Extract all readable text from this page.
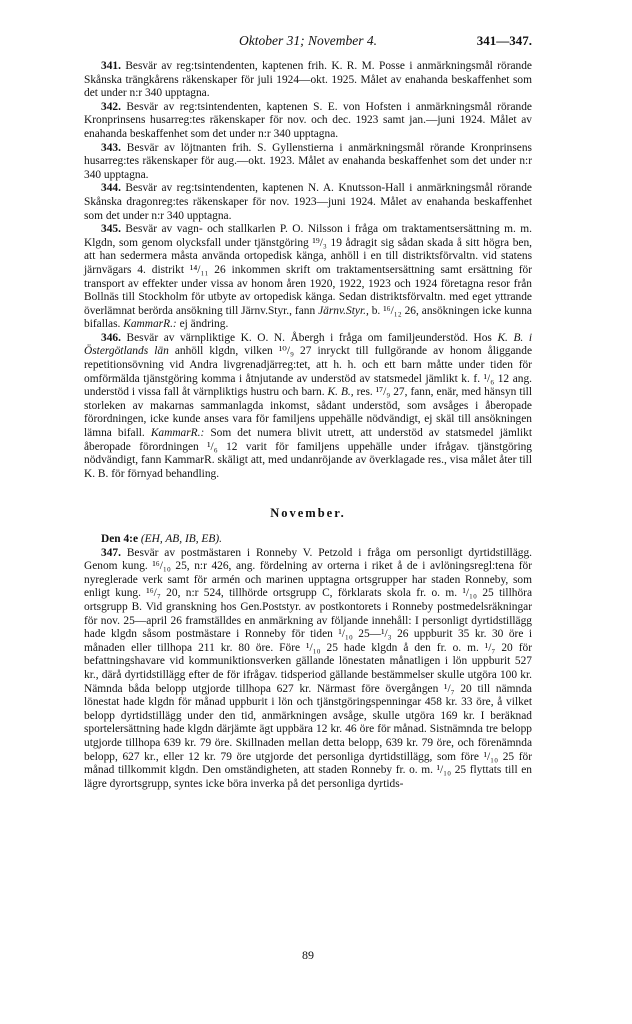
Oktober 31; November 4.	341—347.

341. Besvär av reg:tsintendenten, kaptenen frih. K. R. M. Posse i anmärkningsmål rörande Skånska trängkårens räkenskaper för juli 1924—okt. 1925. Målet av enahanda beskaffenhet som det under n:r 340 upptagna.

342. Besvär av reg:tsintendenten, kaptenen S. E. von Hofsten i anmärkningsmål rörande Kronprinsens husarreg:tes räkenskaper för nov. och dec. 1923 samt jan.—juni 1924. Målet av enahanda beskaffenhet som det under n:r 340 upptagna.

343. Besvär av löjtnanten frih. S. Gyllenstierna i anmärkningsmål rörande Kronprinsens husarreg:tes räkenskaper för aug.—okt. 1923. Målet av enahanda beskaffenhet som det under n:r 340 upptagna.

344. Besvär av reg:tsintendenten, kaptenen N. A. Knutsson-Hall i anmärkningsmål rörande Skånska dragonreg:tes räkenskaper för nov. 1923—juni 1924. Målet av enahanda beskaffenhet som det under n:r 340 upptagna.

345. Besvär av vagn- och stallkarlen P. O. Nilsson i fråga om traktamentsersättning m. m. Klgdn, som genom olycksfall under tjänstgöring ¹⁹/₃ 19 ådragit sig sådan skada å sitt högra ben, att han sedermera måsta använda ortopedisk känga, anhöll i en till distriktsförvaltn. vid statens järnvägars 4. distrikt ¹⁴/₁₁ 26 inkommen skrift om traktamentsersättning samt ersättning för transport av effekter under vissa av honom åren 1920, 1922, 1923 och 1924 företagna resor från Bollnäs till Stockholm för utbyte av ortopedisk känga. Sedan distriktsförvaltn. med eget yttrande överlämnat berörda ansökning till Järnv.Styr., fann Järnv.Styr., b. ¹⁶/₁₂ 26, ansökningen icke kunna bifallas. KammarR.: ej ändring.

346. Besvär av värnpliktige K. O. N. Åbergh i fråga om familjeunderstöd. Hos K. B. i Östergötlands län anhöll klgdn, vilken ¹⁰/₉ 27 inryckt till fullgörande av honom åliggande repetitionsövning vid Andra livgrenadjärreg:tet, att h. h. och ett barn måtte under tiden för omförmälda tjänstgöring komma i åtnjutande av understöd av statsmedel jämlikt k. f. ¹/₆ 12 ang. understöd i vissa fall åt värnpliktigs hustru och barn. K. B., res. ¹⁷/₉ 27, fann, enär, med hänsyn till storleken av makarnas sammanlagda inkomst, sådant understöd, som avsåges i åberopade förordningen, icke kunde anses vara för familjens uppehälle nödvändigt, ej skäl till ansökningen lämna bifall. KammarR.: Som det numera blivit utrett, att understöd av statsmedel jämlikt åberopade förordningen ¹/₆ 12 varit för familjens uppehälle under ifrågav. tjänstgöring nödvändigt, fann KammarR. skäligt att, med undanröjande av överklagade res., visa målet åter till K. B. för förnyad behandling.

November.

Den 4:e (EH, AB, IB, EB).

347. Besvär av postmästaren i Ronneby V. Petzold i fråga om personligt dyrtidstillägg. Genom kung. ¹⁶/₁₀ 25, n:r 426, ang. fördelning av orterna i riket å de i avlöningsregl:tena för nyreglerade verk samt för armén och marinen upptagna ortsgrupper har staden Ronneby, som enligt kung. ¹⁶/₇ 20, n:r 524, tillhörde ortsgrupp C, förklarats skola fr. o. m. ¹/₁₀ 25 tillhöra ortsgrupp B. Vid granskning hos Gen.Poststyr. av postkontorets i Ronneby postmedelsräkningar för nov. 25—april 26 framställdes en anmärkning av följande innehåll: I personligt dyrtidstillägg hade klgdn såsom postmästare i Ronneby för tiden ¹/₁₀ 25—¹/₃ 26 uppburit 35 kr. 30 öre i månaden eller tillhopa 211 kr. 80 öre. Före ¹/₁₀ 25 hade klgdn å den fr. o. m. ¹/₇ 20 för befattningshavare vid kommuniktionsverken gällande lönestaten månatligen i lön uppburit 527 kr., därå dyrtidstillägg efter de för ifrågav. tidsperiod gällande bestämmelser skulle utgöra 100 kr. Nämnda båda belopp utgjorde tillhopa 627 kr. Närmast före övergången ¹/₇ 20 till nämnda lönestat hade klgdn för månad uppburit i lön och tjänstgöringspenningar 458 kr. 33 öre, å vilket belopp dyrtidstillägg under den tid, anmärkningen avsåge, skulle utgöra 169 kr. I beräknad sportelersättning hade klgdn därjämte ägt uppbära 12 kr. 46 öre för månad. Sistnämnda tre belopp utgjorde tillhopa 639 kr. 79 öre. Skillnaden mellan detta belopp, 639 kr. 79 öre, och förenämnda belopp, 627 kr., eller 12 kr. 79 öre utgjorde det personliga dyrtidstillägg, som före ¹/₁₀ 25 för månad tillkommit klgdn. Den omständigheten, att staden Ronneby fr. o. m. ¹/₁₀ 25 flyttats till en lägre dyrortsgrupp, syntes icke böra inverka på det personliga dyrtids-

89
